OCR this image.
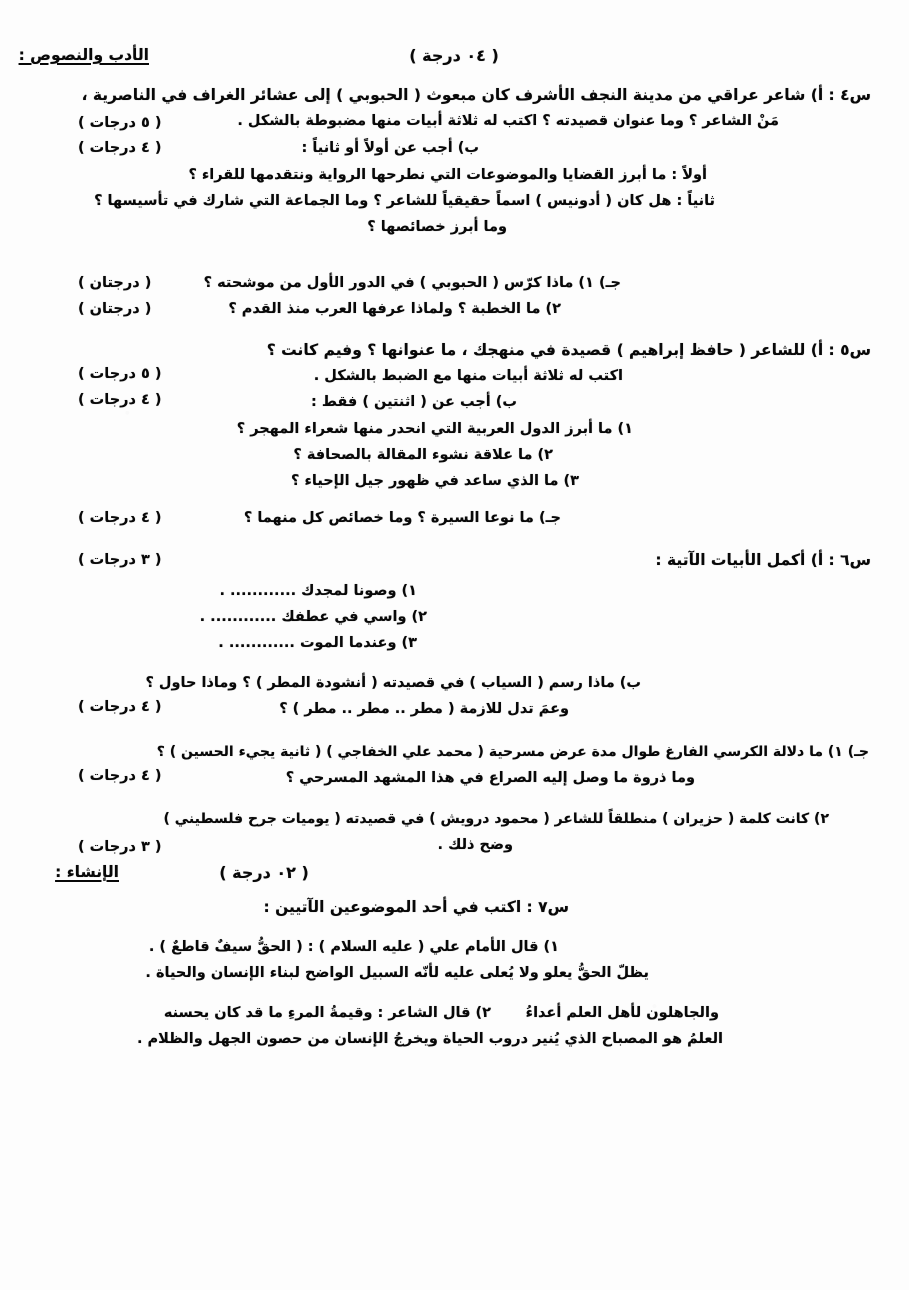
الأدب والنصوص :	( ٤٠ درجة )
س٤ : أ) شاعر عراقي من مدينة النجف الأشرف كان مبعوث ( الحبوبي ) إلى عشائر الغراف في الناصرية ،
مَنْ الشاعر ؟ وما عنوان قصيدته ؟ اكتب له ثلاثة أبيات منها مضبوطة بالشكل .
( ٥ درجات )
ب) أجب عن أولاً أو ثانياً :
( ٤ درجات )
أولاً : ما أبرز القضايا والموضوعات التي نطرحها الرواية ونتقدمها للقراء ؟
ثانياً : هل كان ( أدونيس ) اسماً حقيقياً للشاعر ؟ وما الجماعة التي شارك في تأسيسها ؟
وما أبرز خصائصها ؟
جـ) ١) ماذا كرّس ( الحبوبي ) في الدور الأول من موشحته ؟
( درجتان )
٢) ما الخطبة ؟ ولماذا عرفها العرب منذ القدم ؟
( درجتان )
س٥ : أ) للشاعر ( حافظ إبراهيم ) قصيدة في منهجك ، ما عنوانها ؟ وفيم كانت ؟
اكتب له ثلاثة أبيات منها مع الضبط بالشكل .
( ٥ درجات )
ب) أجب عن ( اثنتين ) فقط :
( ٤ درجات )
١) ما أبرز الدول العربية التي انحدر منها شعراء المهجر ؟
٢) ما علاقة نشوء المقالة بالصحافة ؟
٣) ما الذي ساعد في ظهور جيل الإحياء ؟
جـ) ما نوعا السيرة ؟ وما خصائص كل منهما ؟
( ٤ درجات )
س٦ : أ) أكمل الأبيات الآتية :
( ٣ درجات )
١) وصونا لمجدك ............ .
٢) واسي في عطفك ............ .
٣) وعندما الموت ............ .
ب) ماذا رسم ( السياب ) في قصيدته ( أنشودة المطر ) ؟ وماذا حاول ؟
وعمَ تدل للازمة ( مطر .. مطر .. مطر ) ؟
( ٤ درجات )
جـ) ١) ما دلالة الكرسي الفارغ طوال مدة عرض مسرحية ( محمد علي الخفاجي ) ( ثانية يجيء الحسين ) ؟
وما ذروة ما وصل إليه الصراع في هذا المشهد المسرحي ؟
( ٤ درجات )
٢) كانت كلمة ( حزيران ) منطلقاً للشاعر ( محمود درويش ) في قصيدته ( يوميات جرح فلسطيني )
وضح ذلك .
( ٣ درجات )
الإنشاء :	( ٢٠ درجة )
س٧ : اكتب في أحد الموضوعين الآتيين :
١) قال الأمام علي ( عليه السلام ) : ( الحقُّ سيفٌ قاطعٌ ) .
يظلّ الحقُّ يعلو ولا يُعلى عليه لأنّه السبيل الواضح لبناء الإنسان والحياة .
٢) قال الشاعر : وقيمةُ المرءِ ما قد كان يحسنه والجاهلون لأهل العلم أعداءُ
العلمُ هو المصباح الذي يُنير دروب الحياة ويخرجُ الإنسان من حصون الجهل والظلام .
